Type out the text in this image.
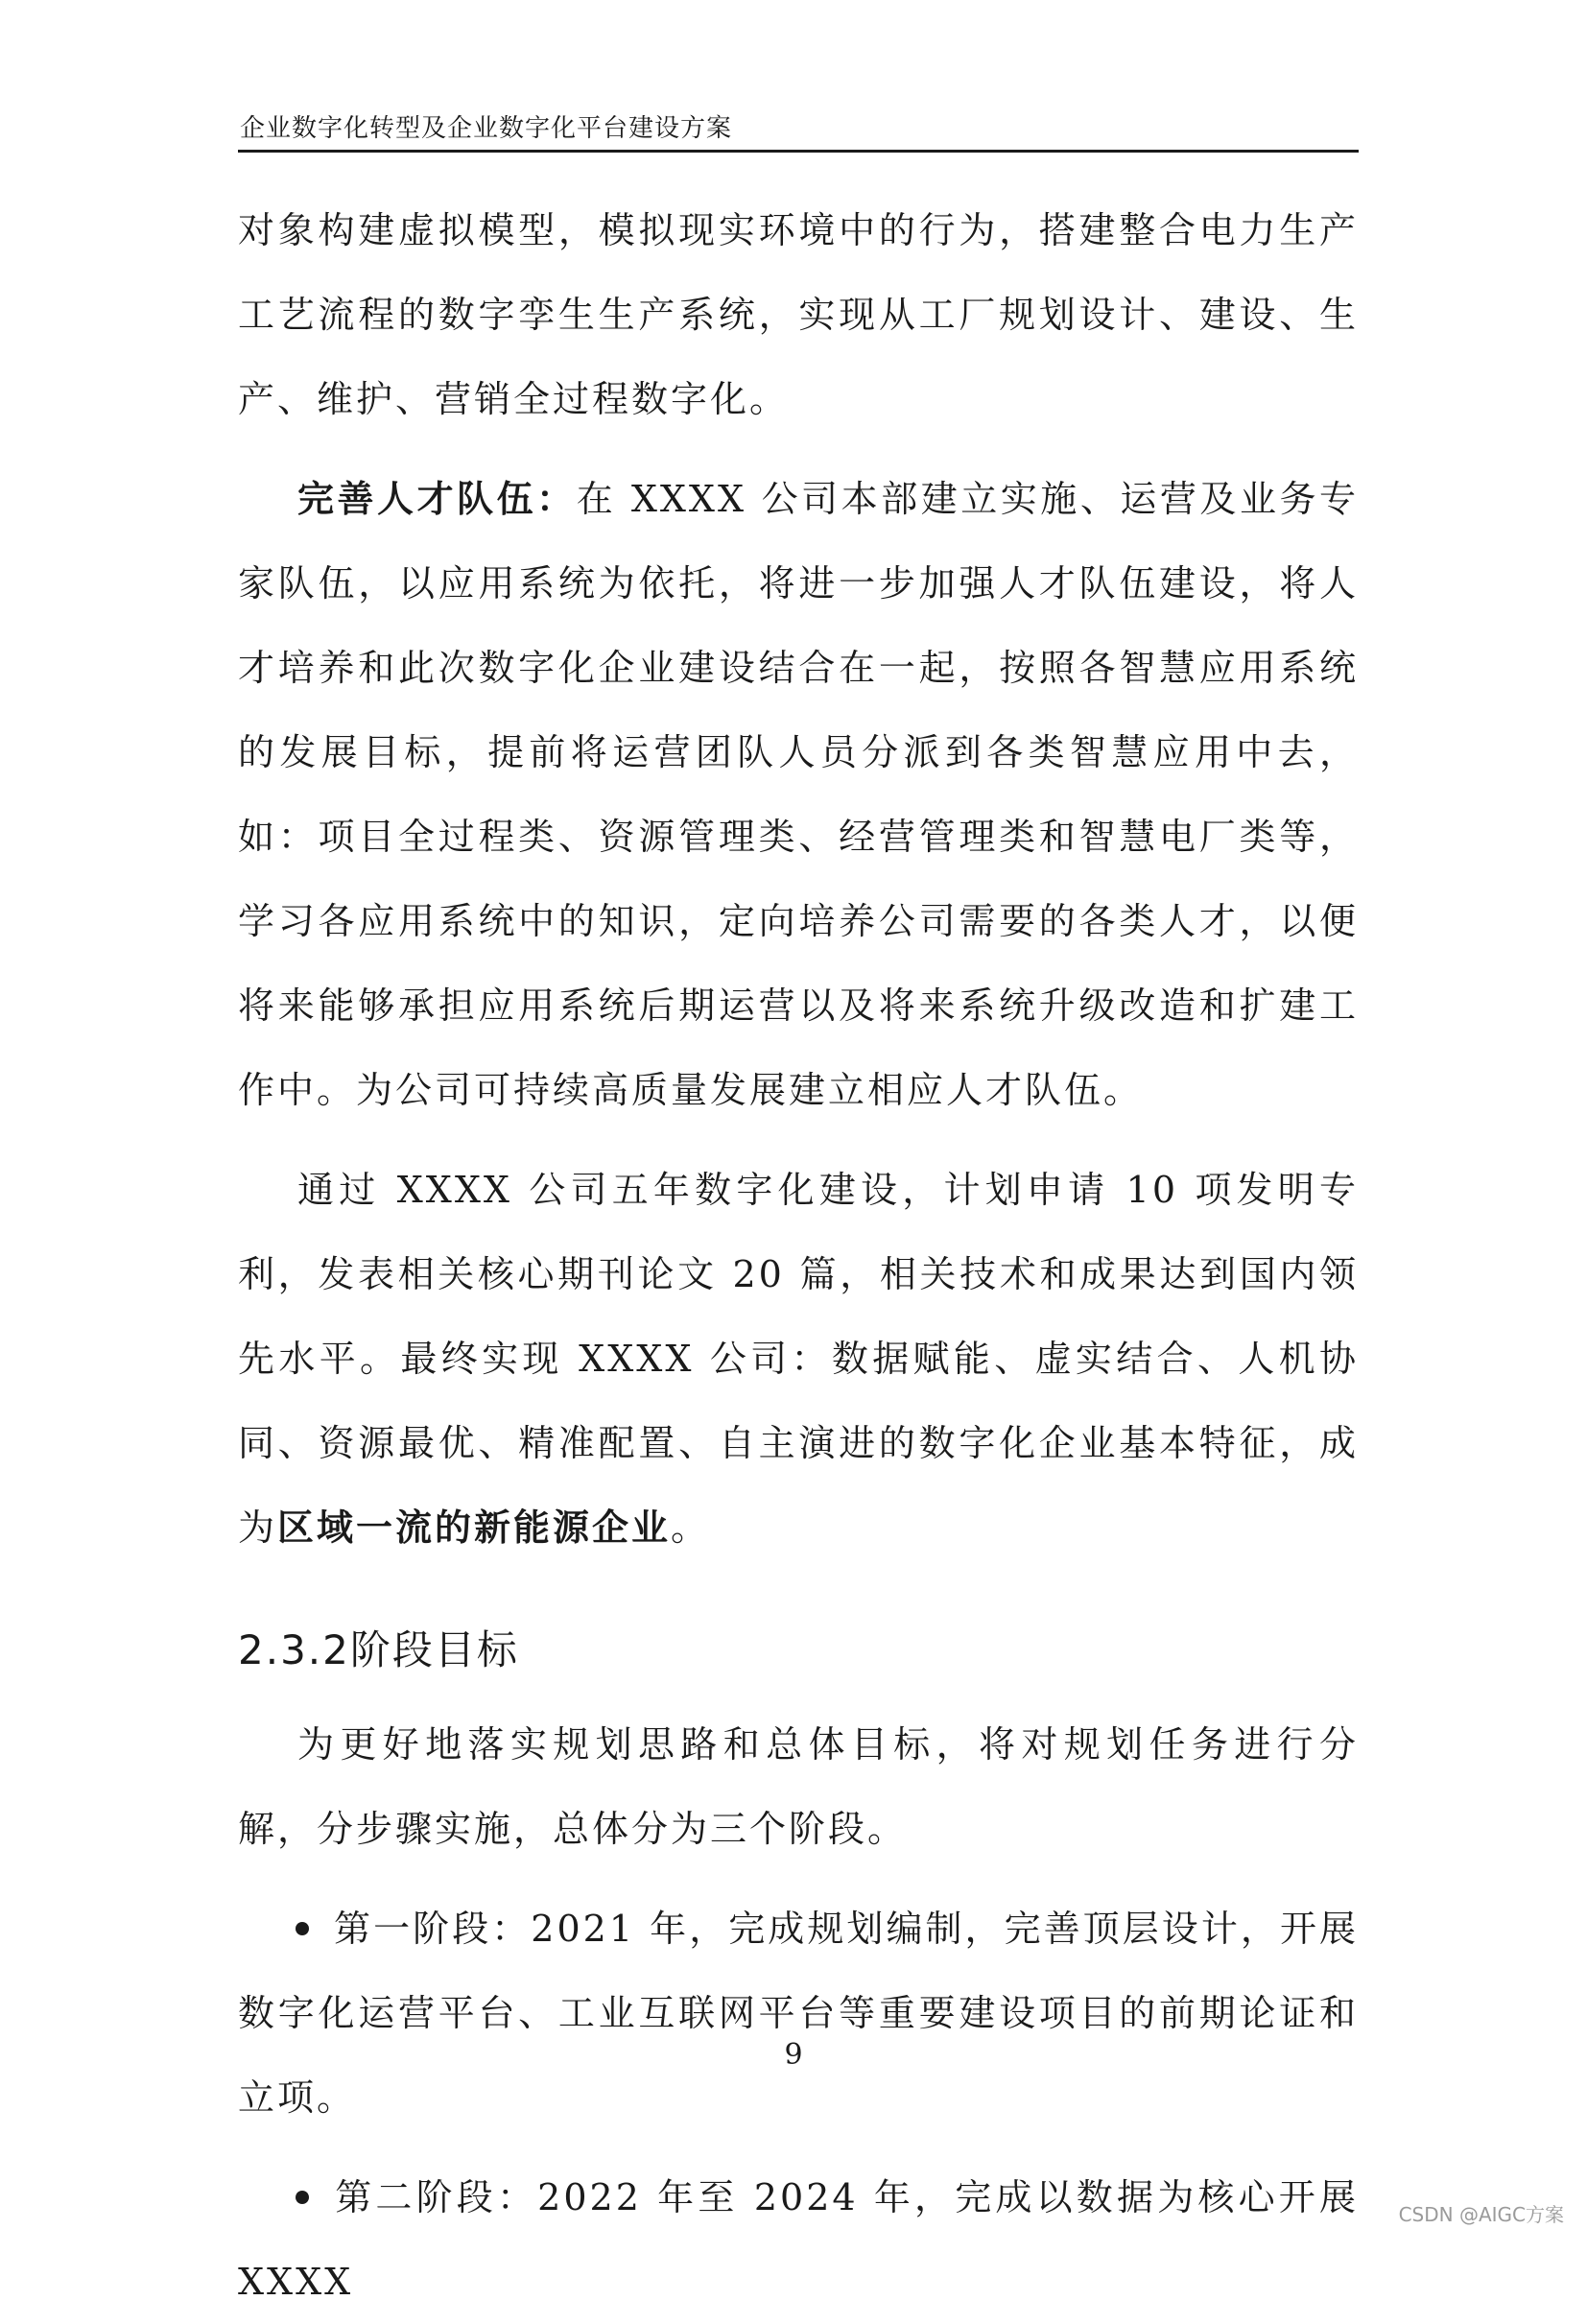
企业数字化转型及企业数字化平台建设方案

对象构建虚拟模型，模拟现实环境中的行为，搭建整合电力生产工艺流程的数字孪生生产系统，实现从工厂规划设计、建设、生产、维护、营销全过程数字化。

完善人才队伍：在 XXXX 公司本部建立实施、运营及业务专家队伍，以应用系统为依托，将进一步加强人才队伍建设，将人才培养和此次数字化企业建设结合在一起，按照各智慧应用系统的发展目标，提前将运营团队人员分派到各类智慧应用中去，如：项目全过程类、资源管理类、经营管理类和智慧电厂类等，学习各应用系统中的知识，定向培养公司需要的各类人才，以便将来能够承担应用系统后期运营以及将来系统升级改造和扩建工作中。为公司可持续高质量发展建立相应人才队伍。

通过 XXXX 公司五年数字化建设，计划申请 10 项发明专利，发表相关核心期刊论文 20 篇，相关技术和成果达到国内领先水平。最终实现 XXXX 公司：数据赋能、虚实结合、人机协同、资源最优、精准配置、自主演进的数字化企业基本特征，成为区域一流的新能源企业。

2.3.2阶段目标

为更好地落实规划思路和总体目标，将对规划任务进行分解，分步骤实施，总体分为三个阶段。

第一阶段：2021 年，完成规划编制，完善顶层设计，开展数字化运营平台、工业互联网平台等重要建设项目的前期论证和立项。

第二阶段：2022 年至 2024 年，完成以数据为核心开展 XXXX

9
CSDN @AIGC方案
